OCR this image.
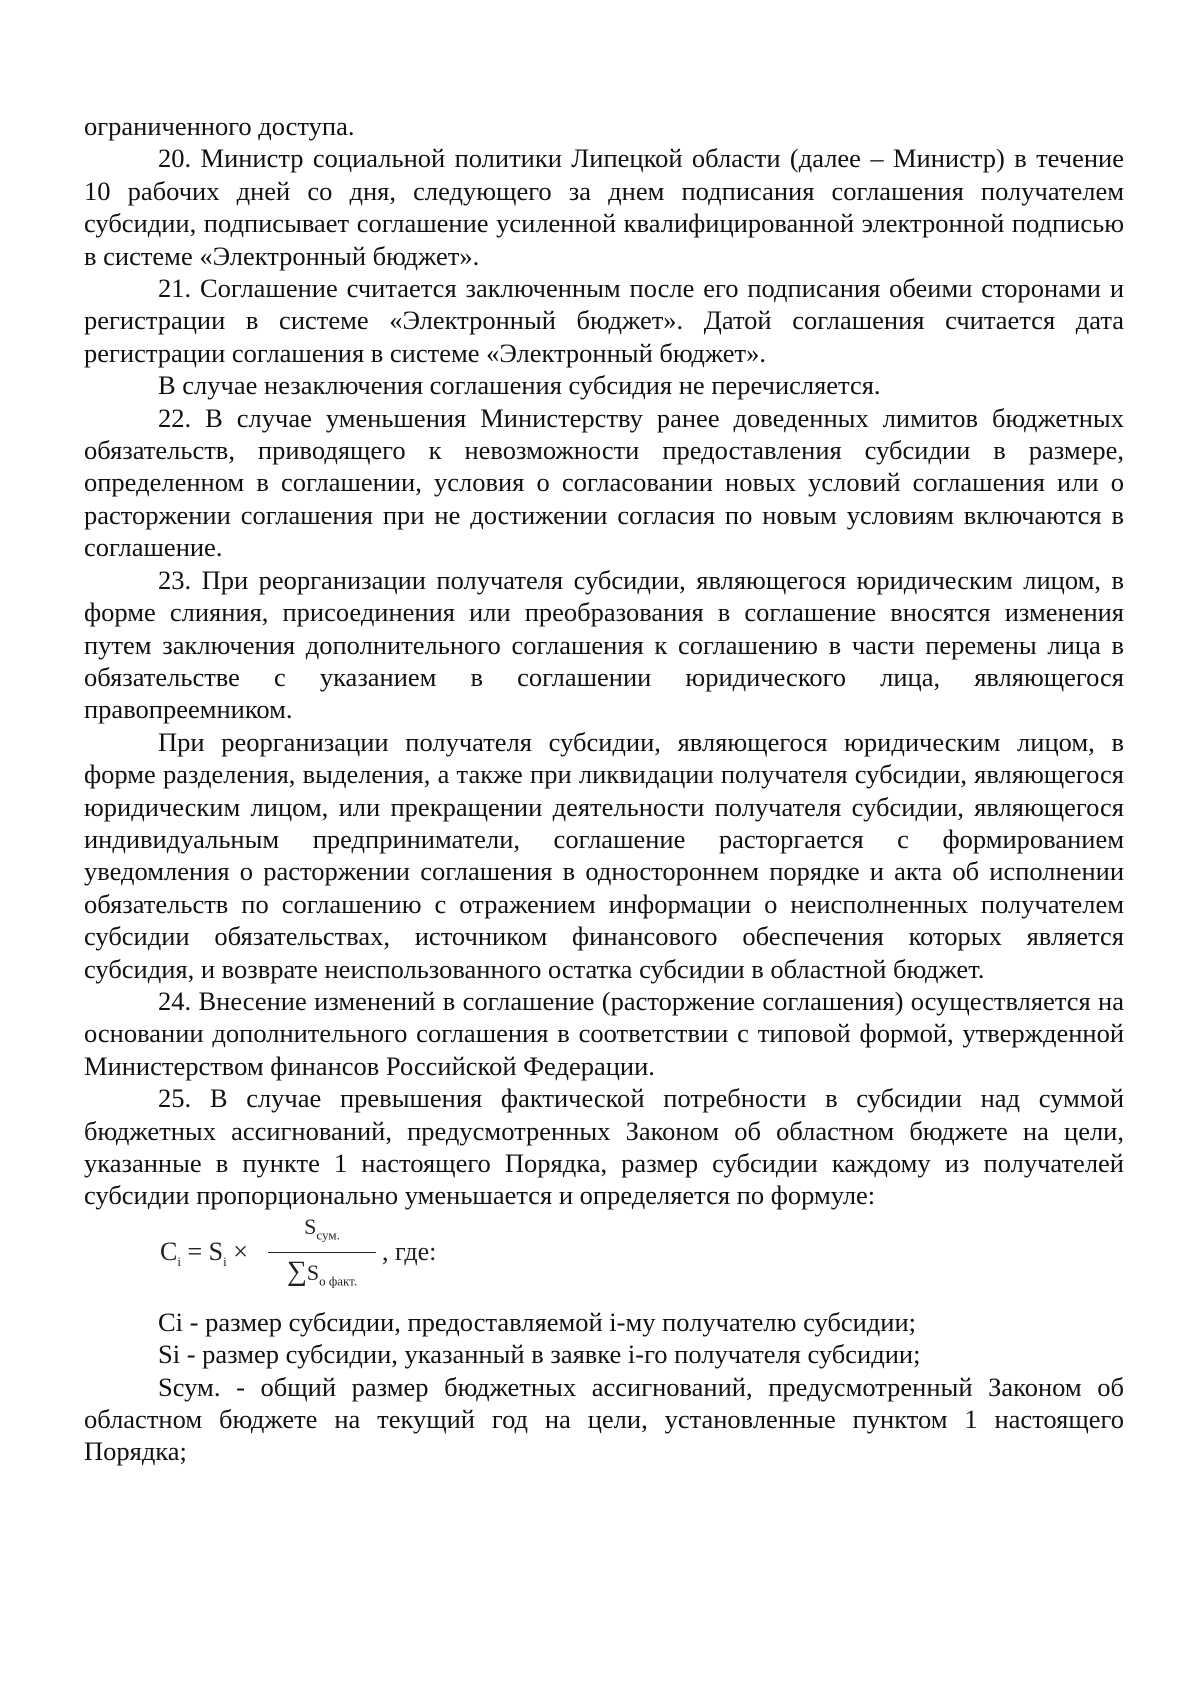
ограниченного доступа.

20. Министр социальной политики Липецкой области (далее – Министр) в течение 10 рабочих дней со дня, следующего за днем подписания соглашения получателем субсидии, подписывает соглашение усиленной квалифицированной электронной подписью в системе «Электронный бюджет».

21. Соглашение считается заключенным после его подписания обеими сторонами и регистрации в системе «Электронный бюджет». Датой соглашения считается дата регистрации соглашения в системе «Электронный бюджет».

В случае незаключения соглашения субсидия не перечисляется.

22. В случае уменьшения Министерству ранее доведенных лимитов бюджетных обязательств, приводящего к невозможности предоставления субсидии в размере, определенном в соглашении, условия о согласовании новых условий соглашения или о расторжении соглашения при не достижении согласия по новым условиям включаются в соглашение.

23. При реорганизации получателя субсидии, являющегося юридическим лицом, в форме слияния, присоединения или преобразования в соглашение вносятся изменения путем заключения дополнительного соглашения к соглашению в части перемены лица в обязательстве с указанием в соглашении юридического лица, являющегося правопреемником.

При реорганизации получателя субсидии, являющегося юридическим лицом, в форме разделения, выделения, а также при ликвидации получателя субсидии, являющегося юридическим лицом, или прекращении деятельности получателя субсидии, являющегося индивидуальным предприниматели, соглашение расторгается с формированием уведомления о расторжении соглашения в одностороннем порядке и акта об исполнении обязательств по соглашению с отражением информации о неисполненных получателем субсидии обязательствах, источником финансового обеспечения которых является субсидия, и возврате неиспользованного остатка субсидии в областной бюджет.

24. Внесение изменений в соглашение (расторжение соглашения) осуществляется на основании дополнительного соглашения в соответствии с типовой формой, утвержденной Министерством финансов Российской Федерации.

25. В случае превышения фактической потребности в субсидии над суммой бюджетных ассигнований, предусмотренных Законом об областном бюджете на цели, указанные в пункте 1 настоящего Порядка, размер субсидии каждому из получателей субсидии пропорционально уменьшается и определяется по формуле:

$C_i = S_i$ ×
$S_{сум.}$
$\sum S_{о факт.}$
, где:

Ci - размер субсидии, предоставляемой i-му получателю субсидии;

Si - размер субсидии, указанный в заявке i-го получателя субсидии;

Sсум. - общий размер бюджетных ассигнований, предусмотренный Законом об областном бюджете на текущий год на цели, установленные пунктом 1 настоящего Порядка;
